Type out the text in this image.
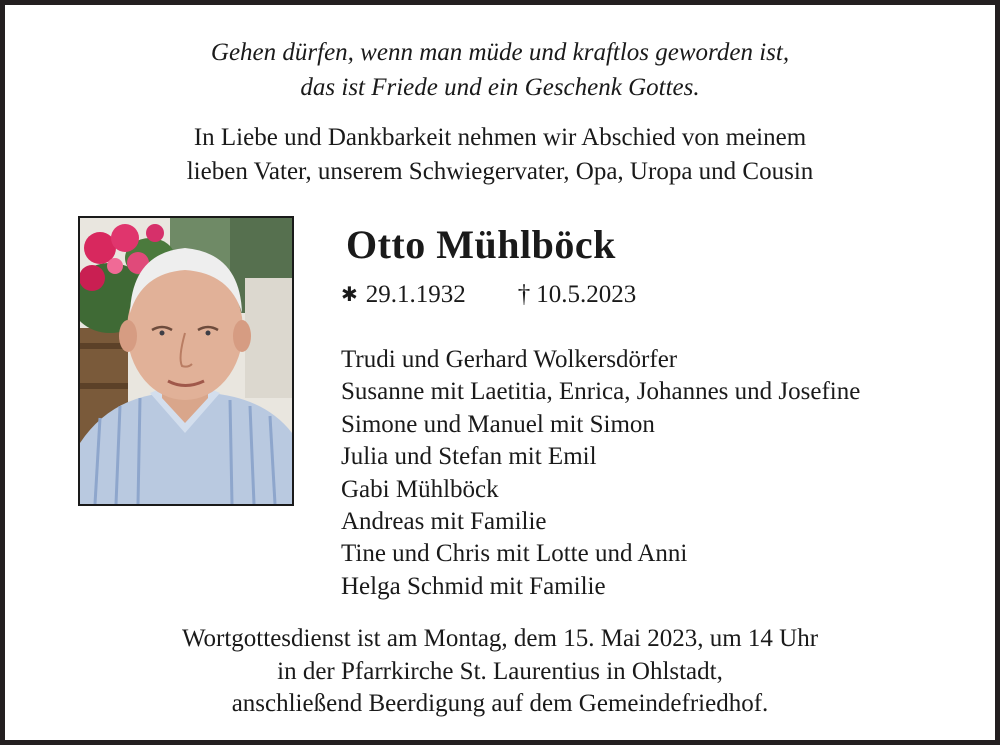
Gehen dürfen, wenn man müde und kraftlos geworden ist,
das ist Friede und ein Geschenk Gottes.
In Liebe und Dankbarkeit nehmen wir Abschied von meinem
lieben Vater, unserem Schwiegervater, Opa, Uropa und Cousin
Otto Mühlböck
✱ 29.1.1932 † 10.5.2023
Trudi und Gerhard Wolkersdörfer
Susanne mit Laetitia, Enrica, Johannes und Josefine
Simone und Manuel mit Simon
Julia und Stefan mit Emil
Gabi Mühlböck
Andreas mit Familie
Tine und Chris mit Lotte und Anni
Helga Schmid mit Familie
Wortgottesdienst ist am Montag, dem 15. Mai 2023, um 14 Uhr
in der Pfarrkirche St. Laurentius in Ohlstadt,
anschließend Beerdigung auf dem Gemeindefriedhof.
